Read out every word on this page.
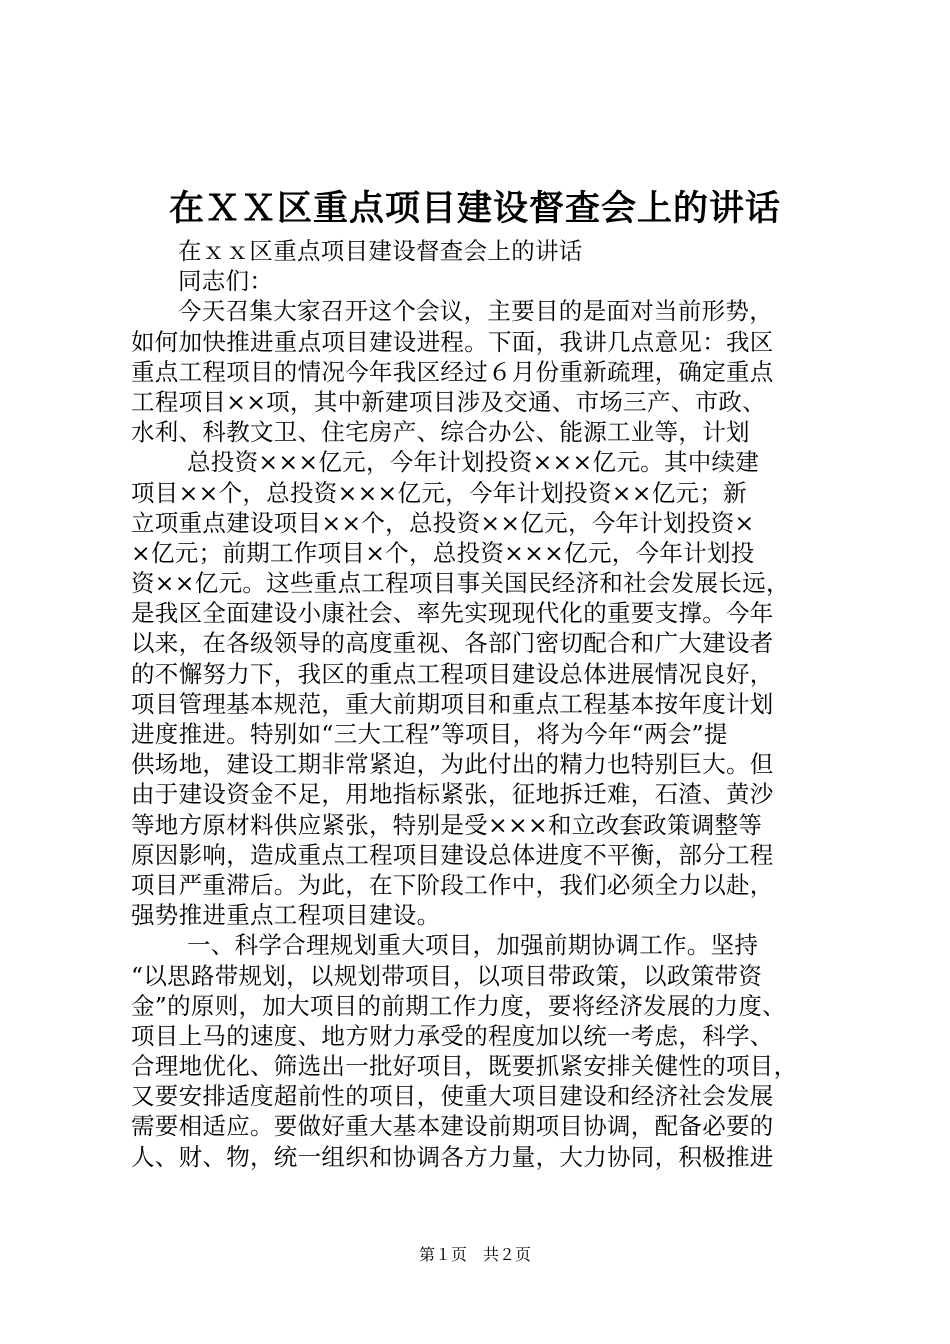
在ＸＸ区重点项目建设督查会上的讲话
在ｘｘ区重点项目建设督查会上的讲话
同志们：
今天召集大家召开这个会议，主要目的是面对当前形势，
如何加快推进重点项目建设进程。下面，我讲几点意见：我区
重点工程项目的情况今年我区经过６月份重新疏理，确定重点
工程项目××项，其中新建项目涉及交通、市场三产、市政、
水利、科教文卫、住宅房产、综合办公、能源工业等，计划
总投资×××亿元，今年计划投资×××亿元。其中续建
项目××个，总投资×××亿元，今年计划投资××亿元；新
立项重点建设项目××个，总投资××亿元，今年计划投资×
×亿元；前期工作项目×个，总投资×××亿元，今年计划投
资××亿元。这些重点工程项目事关国民经济和社会发展长远，
是我区全面建设小康社会、率先实现现代化的重要支撑。今年
以来，在各级领导的高度重视、各部门密切配合和广大建设者
的不懈努力下，我区的重点工程项目建设总体进展情况良好，
项目管理基本规范，重大前期项目和重点工程基本按年度计划
进度推进。特别如“三大工程”等项目，将为今年“两会”提
供场地，建设工期非常紧迫，为此付出的精力也特别巨大。但
由于建设资金不足，用地指标紧张，征地拆迁难，石渣、黄沙
等地方原材料供应紧张，特别是受×××和立改套政策调整等
原因影响，造成重点工程项目建设总体进度不平衡，部分工程
项目严重滞后。为此，在下阶段工作中，我们必须全力以赴，
强势推进重点工程项目建设。
一、科学合理规划重大项目，加强前期协调工作。坚持
“以思路带规划，以规划带项目，以项目带政策，以政策带资
金”的原则，加大项目的前期工作力度，要将经济发展的力度、
项目上马的速度、地方财力承受的程度加以统一考虑，科学、
合理地优化、筛选出一批好项目，既要抓紧安排关健性的项目，
又要安排适度超前性的项目，使重大项目建设和经济社会发展
需要相适应。要做好重大基本建设前期项目协调，配备必要的
人、财、物，统一组织和协调各方力量，大力协同，积极推进
第１页　共２页
